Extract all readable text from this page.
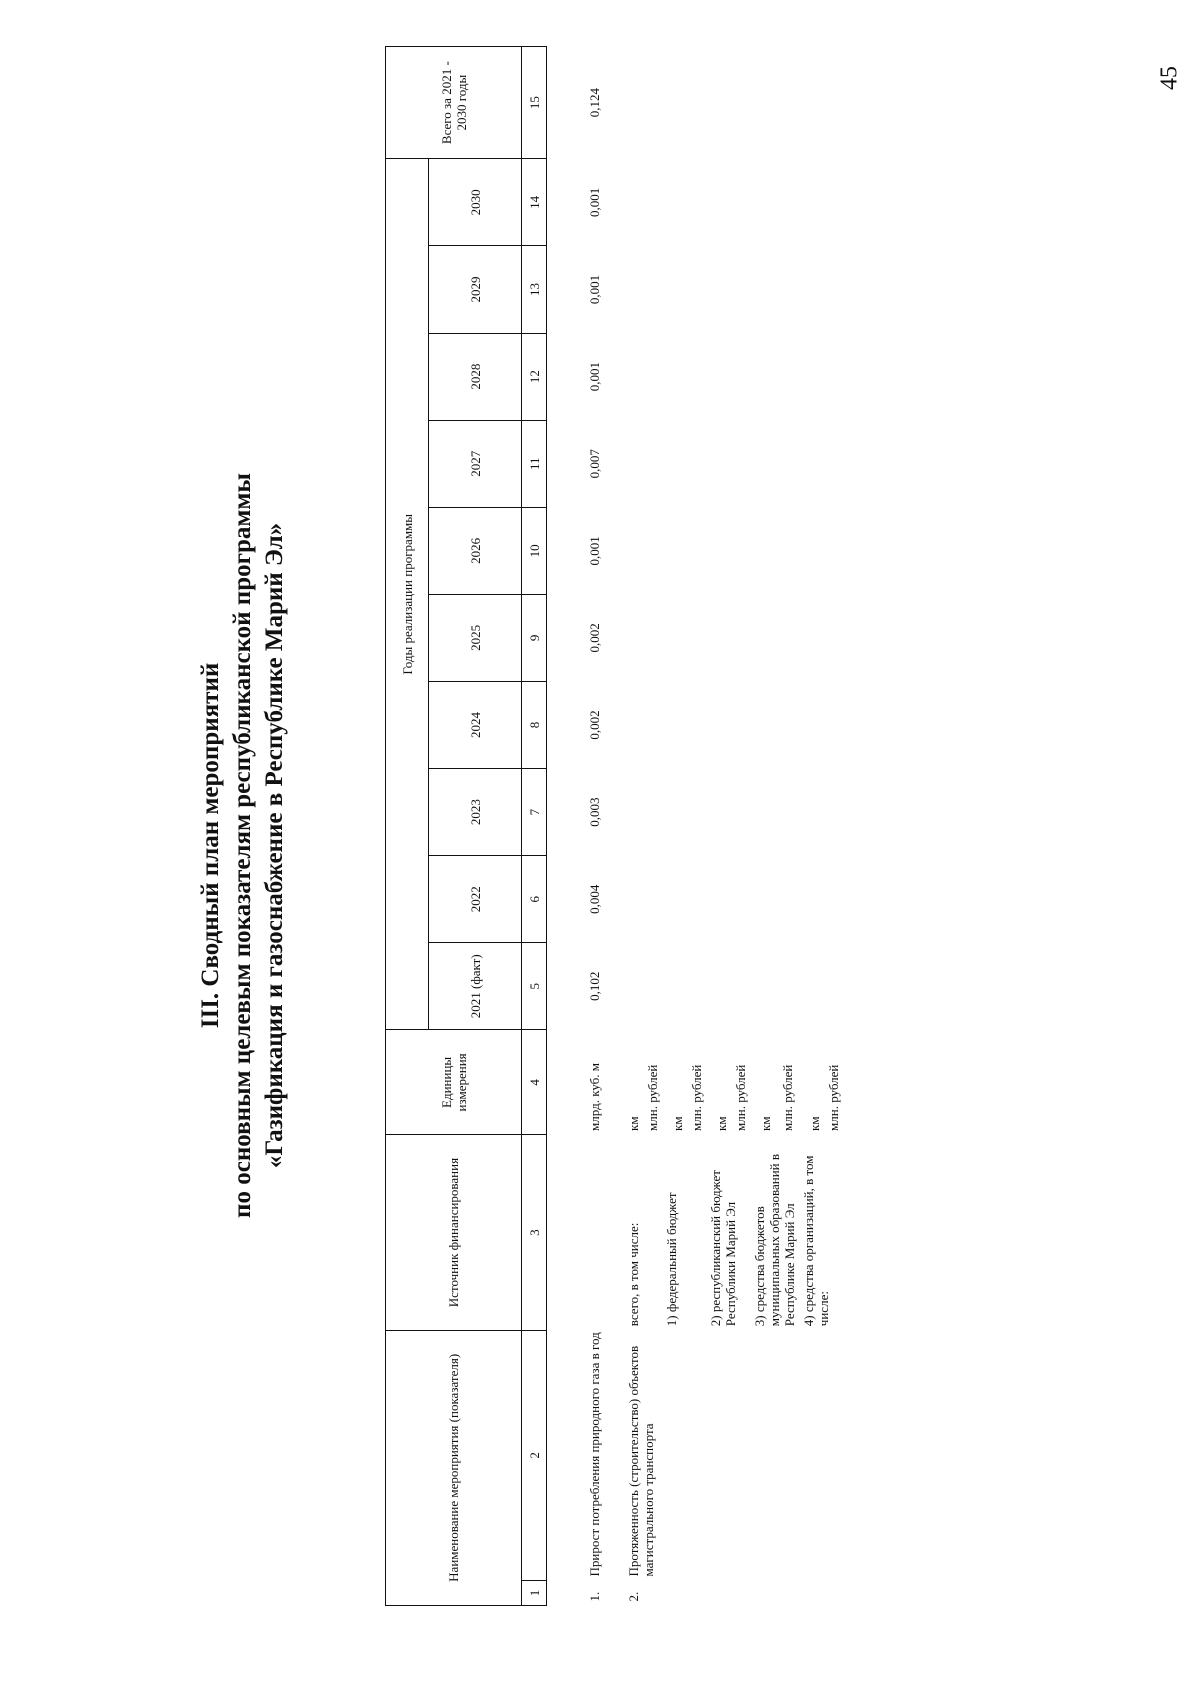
45
III. Сводный план мероприятий по основным целевым показателям республиканской программы «Газификация и газоснабжение в Республике Марий Эл»
Наименование мероприятия (показателя)		Источник финансирования	Единицы измерения	Годы реализации программы										Всего за 2021 - 2030 годы
				2021 (факт)	2022	2023	2024	2025	2026	2027	2028	2029	2030	
1	2	3	4	5	6	7	8	9	10	11	12	13	14	15
1.	Прирост потребления природного газа в год		млрд. куб. м	0,102	0,004	0,003	0,002	0,002	0,001	0,007	0,001	0,001	0,001	0,124
2.	Протяженность (строительство) объектов магистрального транспорта	всего, в том числе:	км											
			млн. рублей											
		1) федеральный бюджет	км											
			млн. рублей											
		2) республиканский бюджет Республики Марий Эл	км											
			млн. рублей											
		3) средства бюджетов муниципальных образований в Республике Марий Эл	км											
			млн. рублей											
		4) средства организаций, в том числе:	км											
			млн. рублей											
